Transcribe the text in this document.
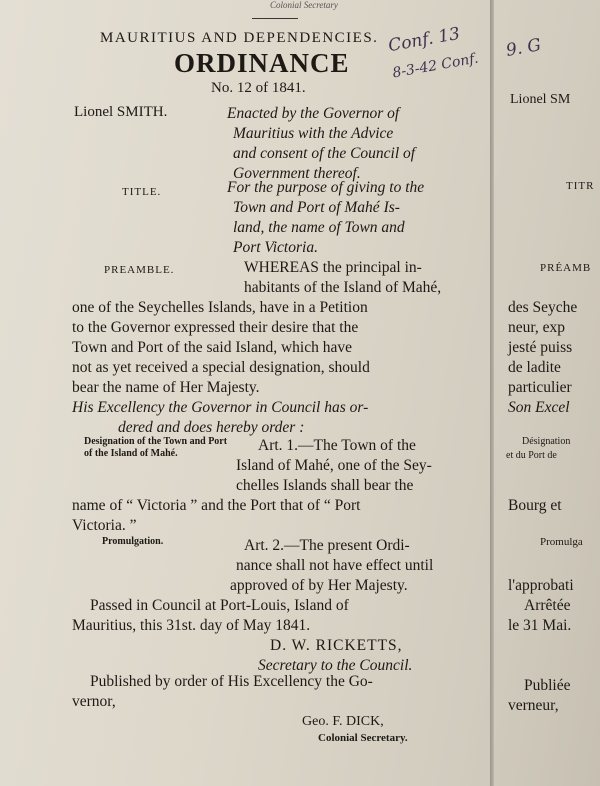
Colonial Secretary
MAURITIUS AND DEPENDENCIES.
ORDINANCE
No. 12 of 1841.
Lionel SMITH.	Enacted by the Governor of
Mauritius with the Advice
and consent of the Council of
Government thereof.
TITLE.	For the purpose of giving to the
Town and Port of Mahé Is-
land, the name of Town and
Port Victoria.
PREAMBLE.	WHEREAS the principal in-
habitants of the Island of Mahé,
one of the Seychelles Islands, have in a Petition
to the Governor expressed their desire that the
Town and Port of the said Island, which have
not as yet received a special designation, should
bear the name of Her Majesty.
His Excellency the Governor in Council has or-
dered and does hereby order :
Designation of the Town and Port of the Island of Mahé.	Art. 1.—The Town of the
Island of Mahé, one of the Sey-
chelles Islands shall bear the
name of “ Victoria ” and the Port that of “ Port
Victoria. ”
Promulgation.	Art. 2.—The present Ordi-
nance shall not have effect until
approved of by Her Majesty.
Passed in Council at Port-Louis, Island of
Mauritius, this 31st. day of May 1841.
D. W. RICKETTS,
Secretary to the Council.
Published by order of His Excellency the Go-
vernor,
Geo. F. DICK,
Colonial Secretary.
Conf. 13
8-3-42 Conf.
9. G
Lionel SM
TITR
PRÉAMB
des Seyche
neur, exp
jesté puiss
de ladite
particulier
Son Excel
Désignation
et du Port de
Bourg et
Promulga
l'approbati
Arrêtée
le 31 Mai.
Publiée
verneur,
